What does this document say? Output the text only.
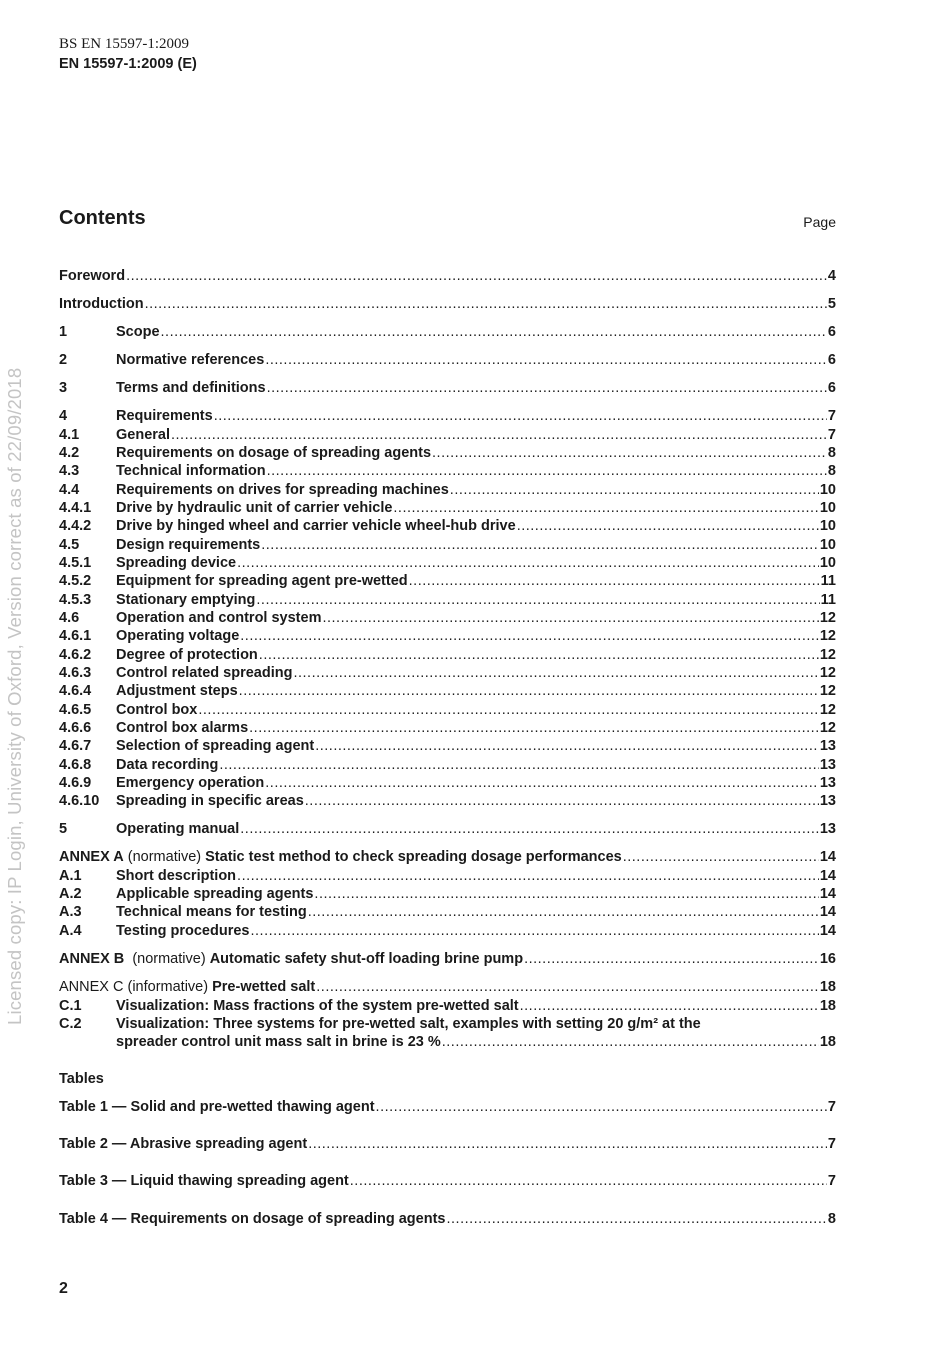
BS EN 15597-1:2009
EN 15597-1:2009 (E)
Contents	Page
Licensed copy: IP Login, University of Oxford, Version correct as of 22/09/2018
Foreword .....	4
Introduction .....	5
1	Scope .....	6
2	Normative references .....	6
3	Terms and definitions .....	6
4	Requirements .....	7
4.1	General .....	7
4.2	Requirements on dosage of spreading agents .....	8
4.3	Technical information .....	8
4.4	Requirements on drives for spreading machines .....	10
4.4.1	Drive by hydraulic unit of carrier vehicle .....	10
4.4.2	Drive by hinged wheel and carrier vehicle wheel-hub drive .....	10
4.5	Design requirements .....	10
4.5.1	Spreading device .....	10
4.5.2	Equipment for spreading agent pre-wetted .....	11
4.5.3	Stationary emptying .....	11
4.6	Operation and control system .....	12
4.6.1	Operating voltage .....	12
4.6.2	Degree of protection .....	12
4.6.3	Control related spreading .....	12
4.6.4	Adjustment steps .....	12
4.6.5	Control box .....	12
4.6.6	Control box alarms .....	12
4.6.7	Selection of spreading agent .....	13
4.6.8	Data recording .....	13
4.6.9	Emergency operation .....	13
4.6.10	Spreading in specific areas .....	13
5	Operating manual .....	13
ANNEX A (normative) Static test method to check spreading dosage performances .....	14
A.1	Short description .....	14
A.2	Applicable spreading agents .....	14
A.3	Technical means for testing .....	14
A.4	Testing procedures .....	14
ANNEX B  (normative) Automatic safety shut-off loading brine pump .....	16
ANNEX C (informative) Pre-wetted salt .....	18
C.1	Visualization: Mass fractions of the system pre-wetted salt .....	18
C.2	Visualization: Three systems for pre-wetted salt, examples with setting 20 g/m² at the
spreader control unit mass salt in brine is 23 % .....	18
Tables
Table 1 — Solid and pre-wetted thawing agent .....	7
Table 2 — Abrasive spreading agent .....	7
Table 3 — Liquid thawing spreading agent .....	7
Table 4 — Requirements on dosage of spreading agents .....	8
2
